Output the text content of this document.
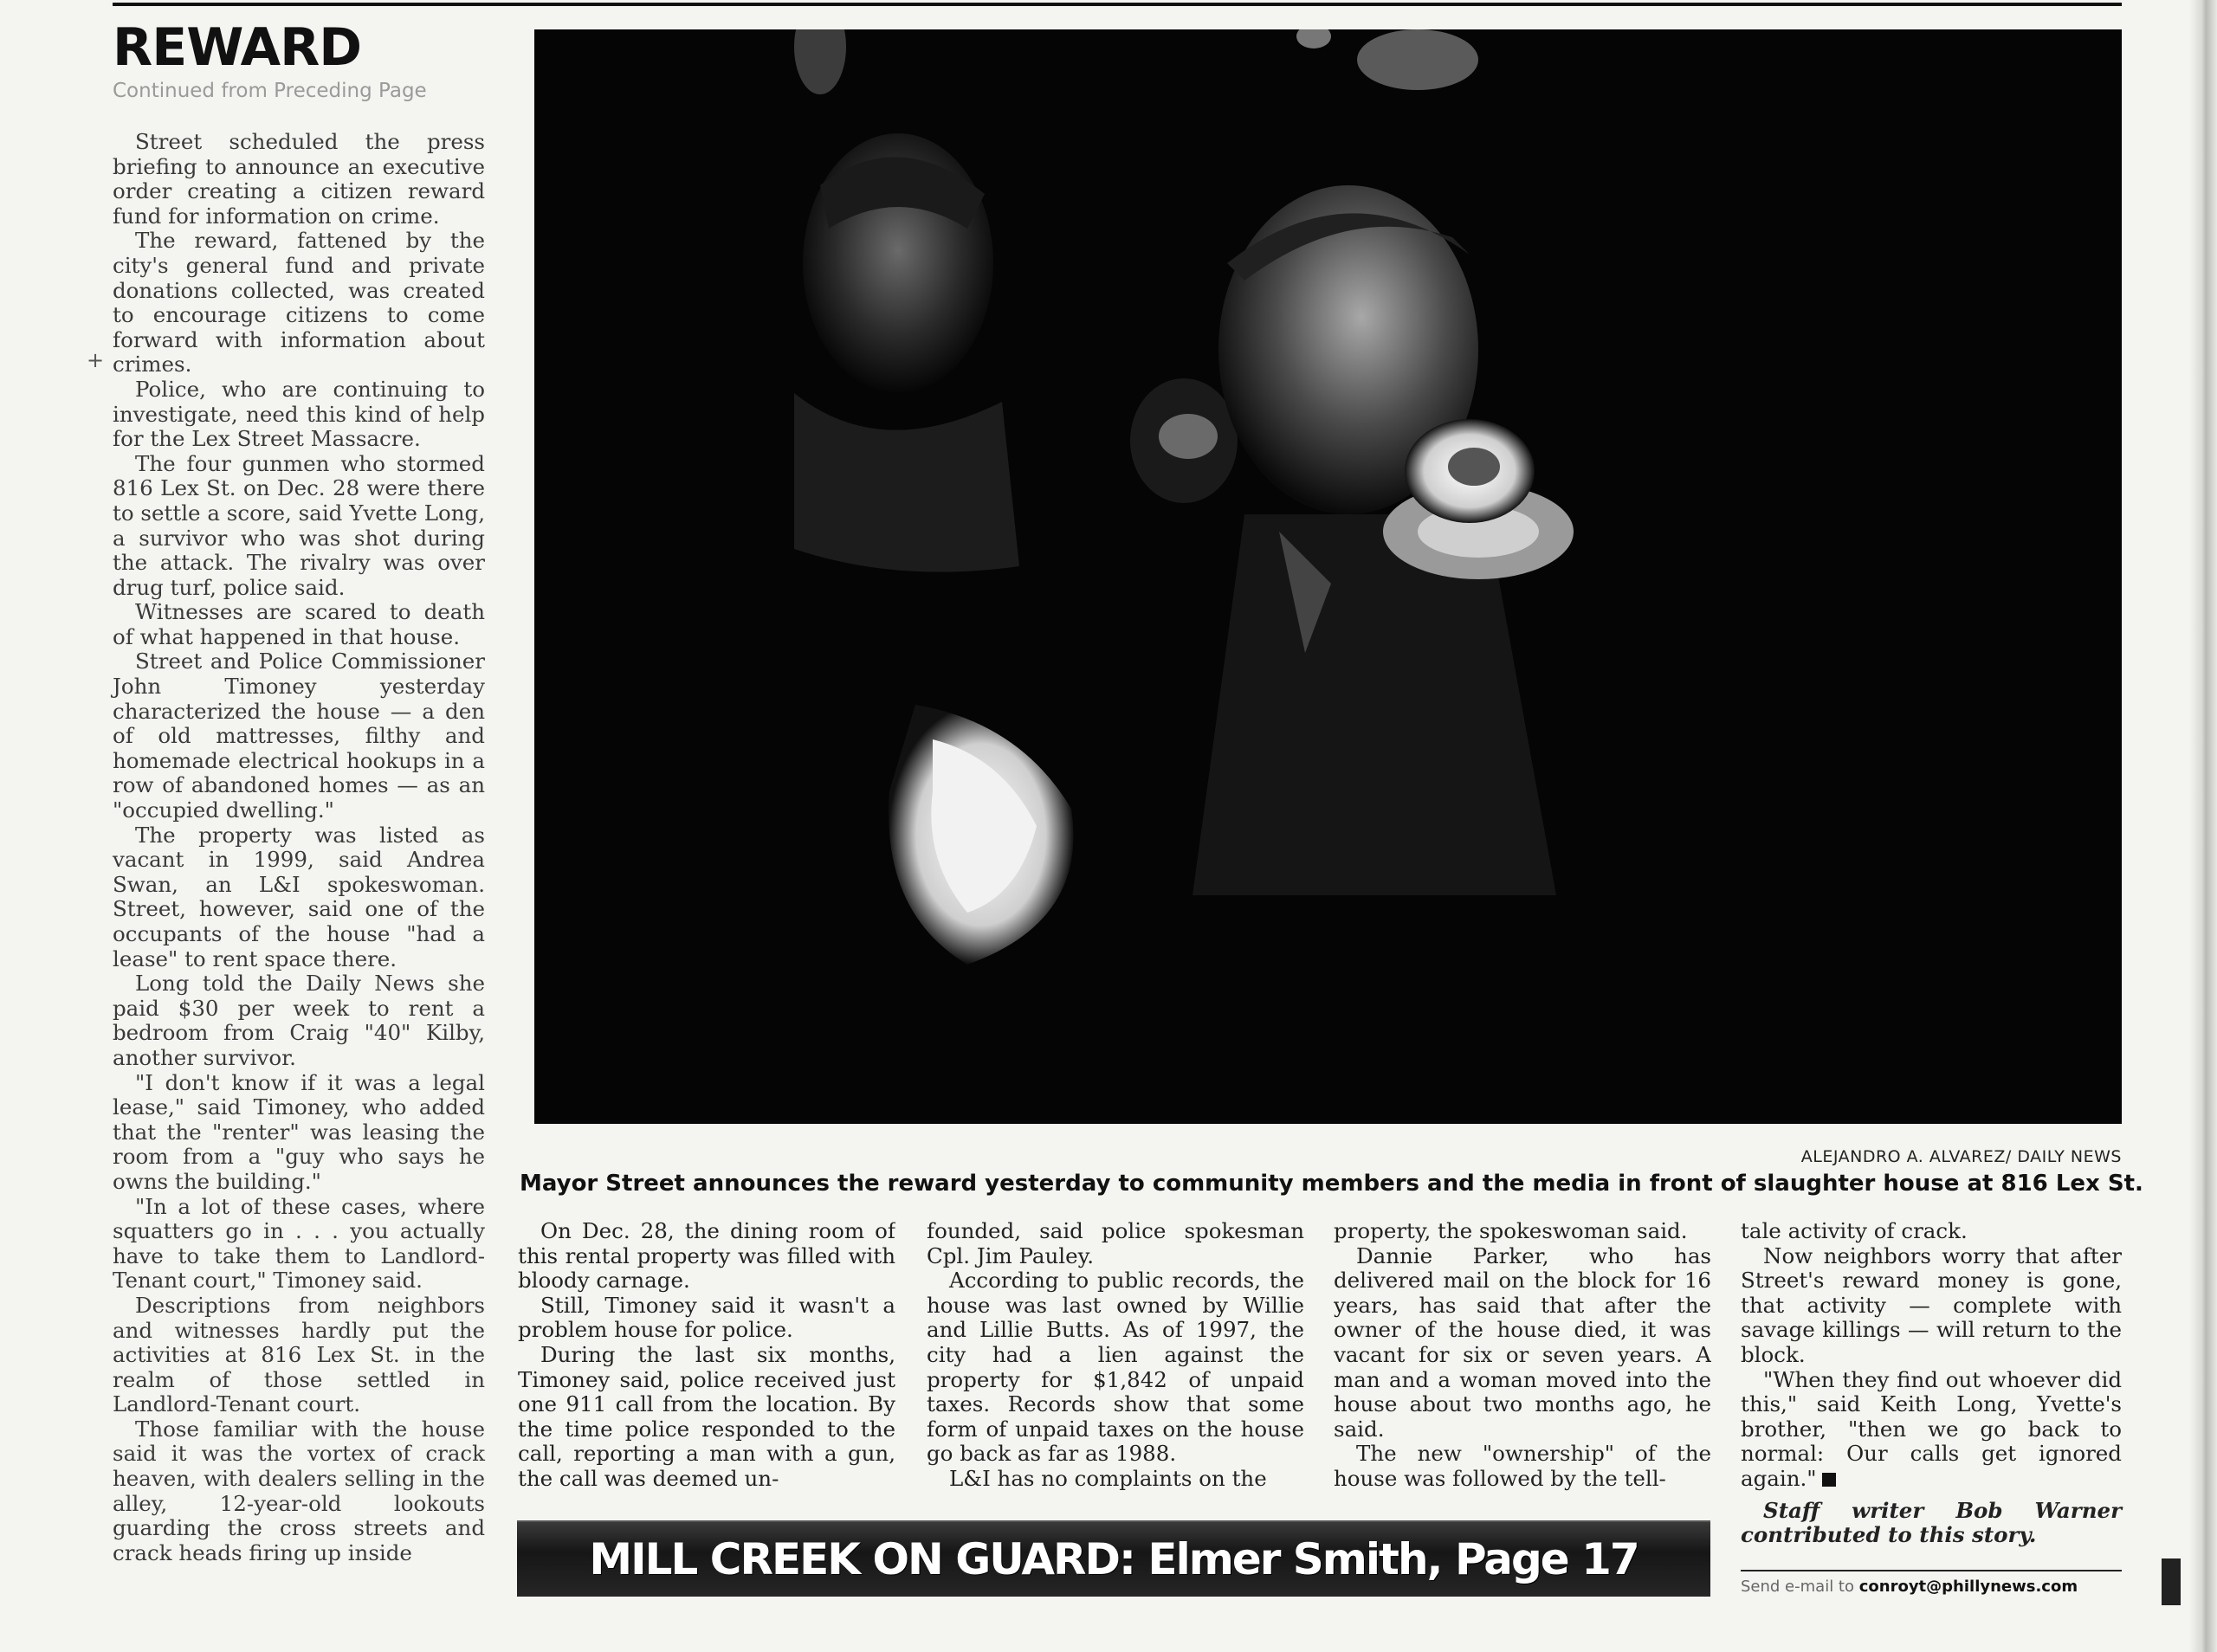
REWARD
Continued from Preceding Page
+

Street scheduled the press briefing to announce an executive order creating a citizen reward fund for information on crime.

The reward, fattened by the city's general fund and private donations collected, was created to encourage citizens to come forward with information about crimes.

Police, who are continuing to investigate, need this kind of help for the Lex Street Massacre.

The four gunmen who stormed 816 Lex St. on Dec. 28 were there to settle a score, said Yvette Long, a survivor who was shot during the attack. The rivalry was over drug turf, police said.

Witnesses are scared to death of what happened in that house.

Street and Police Commissioner John Timoney yesterday characterized the house — a den of old mattresses, filthy and homemade electrical hookups in a row of abandoned homes — as an "occupied dwelling."

The property was listed as vacant in 1999, said Andrea Swan, an L&I spokeswoman. Street, however, said one of the occupants of the house "had a lease" to rent space there.

Long told the Daily News she paid $30 per week to rent a bedroom from Craig "40" Kilby, another survivor.

"I don't know if it was a legal lease," said Timoney, who added that the "renter" was leasing the room from a "guy who says he owns the building."

"In a lot of these cases, where squatters go in . . . you actually have to take them to Landlord-Tenant court," Timoney said.

Descriptions from neighbors and witnesses hardly put the activities at 816 Lex St. in the realm of those settled in Landlord-Tenant court.

Those familiar with the house said it was the vortex of crack heaven, with dealers selling in the alley, 12-year-old lookouts guarding the cross streets and crack heads firing up inside

ALEJANDRO A. ALVAREZ/ DAILY NEWS
Mayor Street announces the reward yesterday to community members and the media in front of slaughter house at 816 Lex St.

On Dec. 28, the dining room of this rental property was filled with bloody carnage.

Still, Timoney said it wasn't a problem house for police.

During the last six months, Timoney said, police received just one 911 call from the location. By the time police responded to the call, reporting a man with a gun, the call was deemed un-

founded, said police spokesman Cpl. Jim Pauley.

According to public records, the house was last owned by Willie and Lillie Butts. As of 1997, the city had a lien against the property for $1,842 of unpaid taxes. Records show that some form of unpaid taxes on the house go back as far as 1988.

L&I has no complaints on the

property, the spokeswoman said.

Dannie Parker, who has delivered mail on the block for 16 years, has said that after the owner of the house died, it was vacant for six or seven years. A man and a woman moved into the house about two months ago, he said.

The new "ownership" of the house was followed by the tell-

tale activity of crack.

Now neighbors worry that after Street's reward money is gone, that activity — complete with savage killings — will return to the block.

"When they find out whoever did this," said Keith Long, Yvette's brother, "then we go back to normal: Our calls get ignored again."

Staff writer Bob Warner contributed to this story.

MILL CREEK ON GUARD: Elmer Smith, Page 17
Send e-mail to conroyt@phillynews.com
